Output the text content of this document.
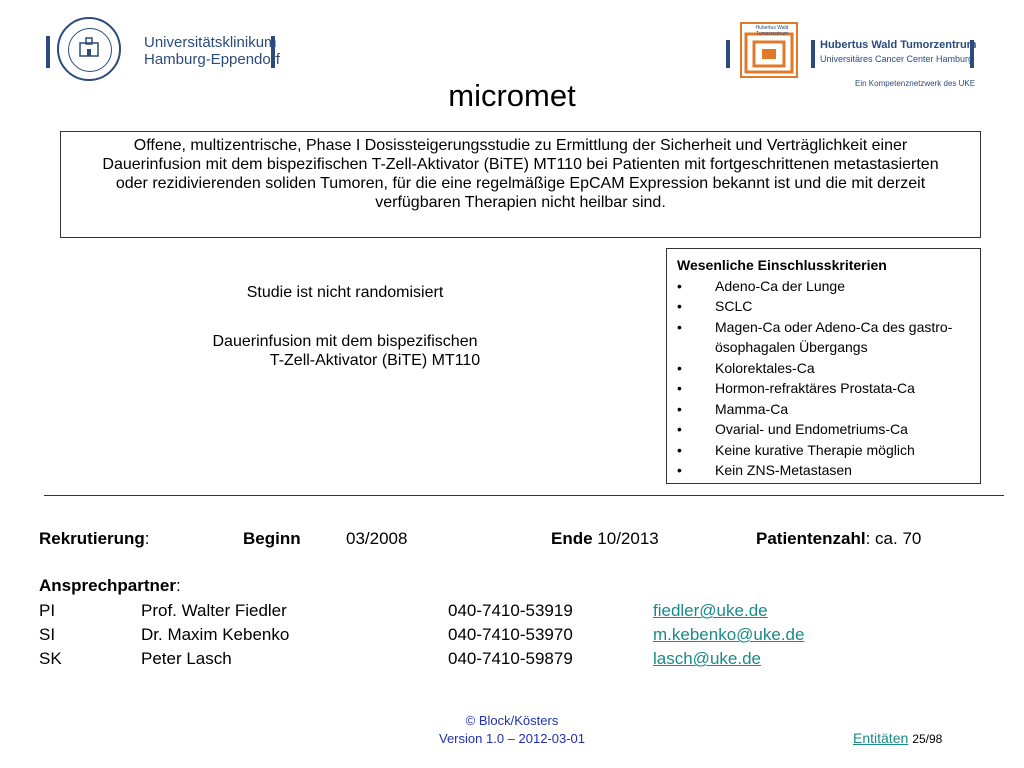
Universitätsklinikum
Hamburg-Eppendorf
Hubertus Wald Tumorzentrum
Hubertus Wald Tumorzentrum
Universitäres Cancer Center Hamburg
Ein Kompetenznetzwerk des UKE
micromet
Offene, multizentrische, Phase I Dosissteigerungsstudie zu Ermittlung der Sicherheit und Verträglichkeit einer Dauerinfusion mit dem bispezifischen T-Zell-Aktivator (BiTE) MT110 bei Patienten mit fortgeschrittenen metastasierten oder rezidivierenden soliden Tumoren, für die eine regelmäßige EpCAM Expression bekannt ist und die mit derzeit verfügbaren Therapien nicht heilbar sind.
Studie ist nicht randomisiert
Dauerinfusion mit dem bispezifischen
T-Zell-Aktivator (BiTE) MT110
Wesenliche Einschlusskriterien
• Adeno-Ca der Lunge
• SCLC
• Magen-Ca oder Adeno-Ca des gastro-ösophagalen Übergangs
• Kolorektales-Ca
• Hormon-refraktäres Prostata-Ca
• Mamma-Ca
• Ovarial- und Endometriums-Ca
• Keine kurative Therapie möglich
• Kein ZNS-Metastasen
Rekrutierung:	Beginn	03/2008	Ende 10/2013	Patientenzahl: ca. 70
Ansprechpartner:
PI	Prof. Walter Fiedler	040-7410-53919	fiedler@uke.de
SI	Dr. Maxim Kebenko	040-7410-53970	m.kebenko@uke.de
SK	Peter Lasch	040-7410-59879	lasch@uke.de
© Block/Kösters
Version 1.0 – 2012-03-01	Entitäten 25/98
